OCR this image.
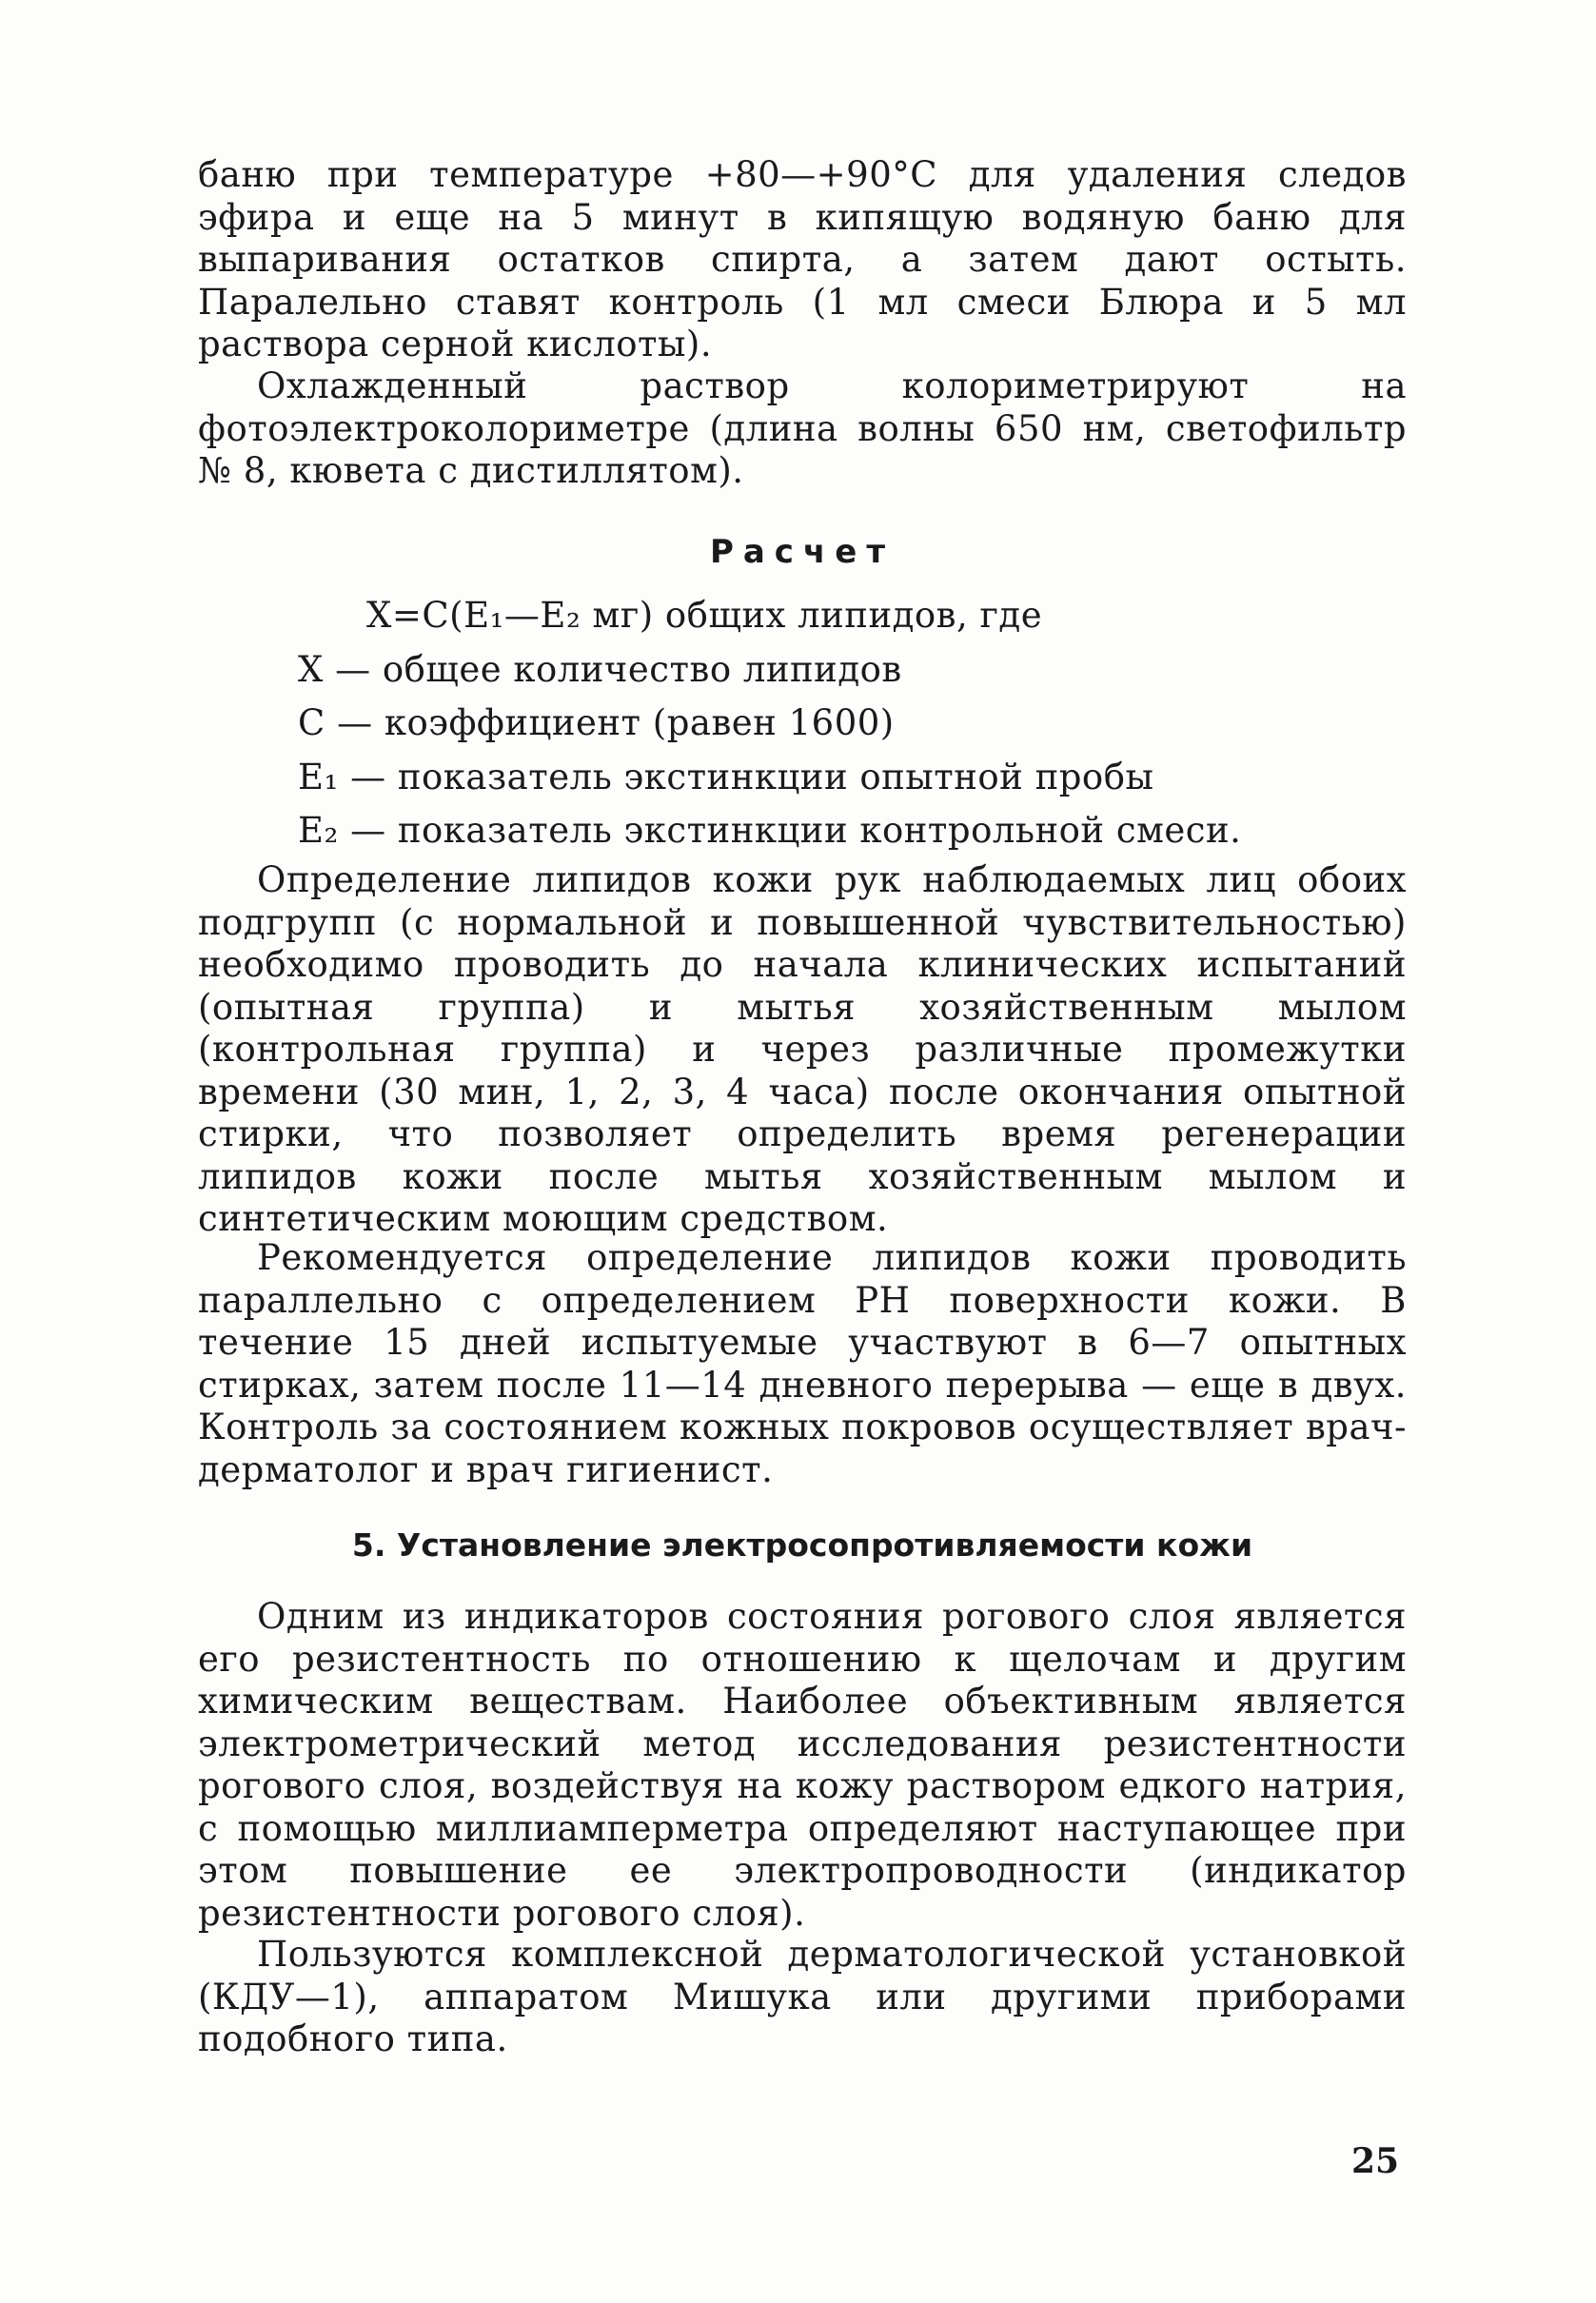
баню при температуре +80—+90°С для удаления следов эфира и еще на 5 минут в кипящую водяную баню для выпаривания остатков спирта, а затем дают остыть. Паралельно ставят контроль (1 мл смеси Блюра и 5 мл раствора серной кислоты).

Охлажденный раствор колориметрируют на фотоэлектроколориметре (длина волны 650 нм, светофильтр № 8, кювета с дистиллятом).

Расчет

Х=С(Е₁—Е₂ мг) общих липидов, где

Х — общее количество липидов

С — коэффициент (равен 1600)

Е₁ — показатель экстинкции опытной пробы

Е₂ — показатель экстинкции контрольной смеси.

Определение липидов кожи рук наблюдаемых лиц обоих подгрупп (с нормальной и повышенной чувствительностью) необходимо проводить до начала клинических испытаний (опытная группа) и мытья хозяйственным мылом (контрольная группа) и через различные промежутки времени (30 мин, 1, 2, 3, 4 часа) после окончания опытной стирки, что позволяет определить время регенерации липидов кожи после мытья хозяйственным мылом и синтетическим моющим средством.

Рекомендуется определение липидов кожи проводить параллельно с определением PH поверхности кожи. В течение 15 дней испытуемые участвуют в 6—7 опытных стирках, затем после 11—14 дневного перерыва — еще в двух. Контроль за состоянием кожных покровов осуществляет врач-дерматолог и врач гигиенист.

5. Установление электросопротивляемости кожи

Одним из индикаторов состояния рогового слоя является его резистентность по отношению к щелочам и другим химическим веществам. Наиболее объективным является электрометрический метод исследования резистентности рогового слоя, воздействуя на кожу раствором едкого натрия, с помощью миллиамперметра определяют наступающее при этом повышение ее электропроводности (индикатор резистентности рогового слоя).

Пользуются комплексной дерматологической установкой (КДУ—1), аппаратом Мишука или другими приборами подобного типа.

25
